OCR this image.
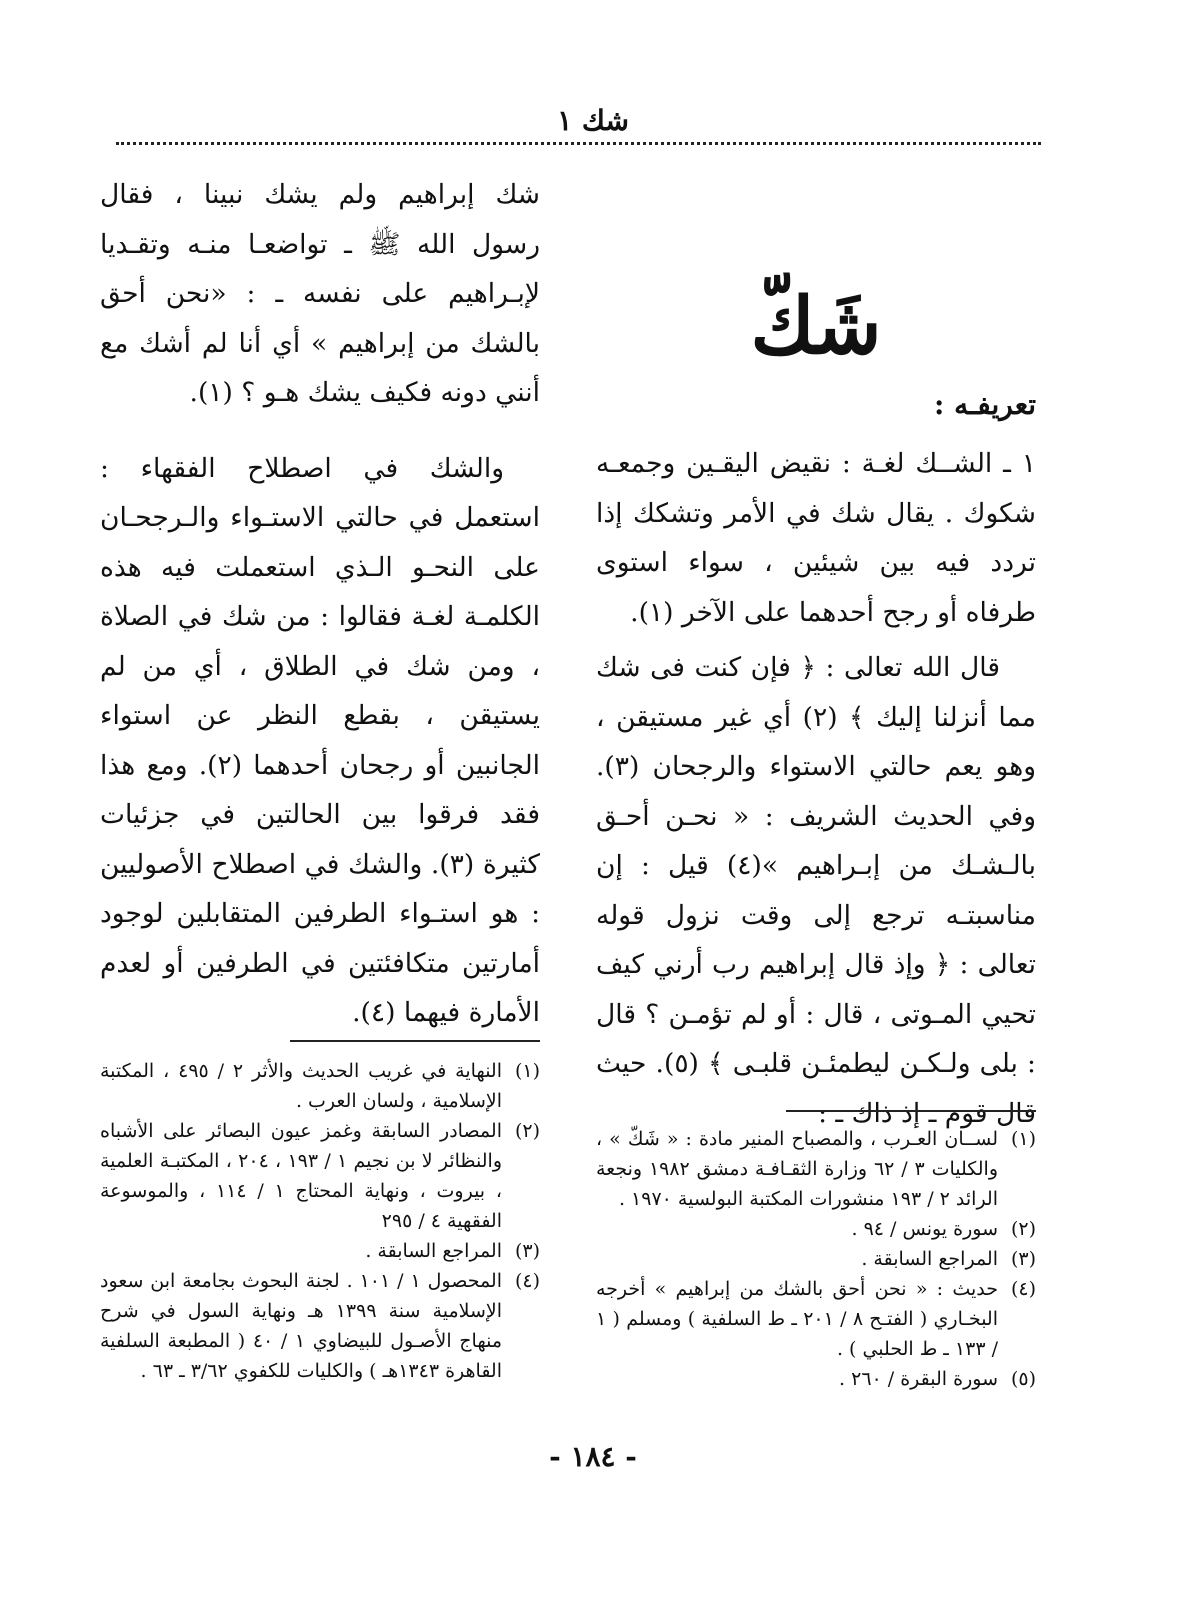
شك ١
شَكّ
تعريفـه :

١ ـ الشــك لغـة : نقيض اليقـين وجمعـه شكوك . يقال شك في الأمر وتشكك إذا تردد فيه بين شيئين ، سواء استوى طرفاه أو رجح أحدهما على الآخر (١).

قال الله تعالى : ﴿ فإن كنت فى شك مما أنزلنا إليك ﴾ (٢) أي غير مستيقن ، وهو يعم حالتي الاستواء والرجحان (٣). وفي الحديث الشريف : « نحـن أحـق بالـشـك من إبـراهيم »(٤) قيل : إن مناسبتـه ترجع إلى وقت نزول قوله تعالى : ﴿ وإذ قال إبراهيم رب أرني كيف تحيي المـوتى ، قال : أو لم تؤمـن ؟ قال : بلى ولـكـن ليطمئـن قلبـى ﴾ (٥). حيث قال قوم ـ إذ ذاك ـ :

شك إبراهيم ولم يشك نبينا ، فقال رسول الله ﷺ ـ تواضعـا منـه وتقـديا لإبـراهيم على نفسه ـ : «نحن أحق بالشك من إبراهيم » أي أنا لم أشك مع أنني دونه فكيف يشك هـو ؟ (١).

والشك في اصطلاح الفقهاء : استعمل في حالتي الاستـواء والـرجحـان على النحـو الـذي استعملت فيه هذه الكلمـة لغـة فقالوا : من شك في الصلاة ، ومن شك في الطلاق ، أي من لم يستيقن ، بقطع النظر عن استواء الجانبين أو رجحان أحدهما (٢). ومع هذا فقد فرقوا بين الحالتين في جزئيات كثيرة (٣). والشك في اصطلاح الأصوليين : هو استـواء الطرفين المتقابلين لوجود أمارتين متكافئتين في الطرفين أو لعدم الأمارة فيهما (٤).

(١)
لســان العـرب ، والمصباح المنير مادة : « شَكّ » ، والكليات ٣ / ٦٢ وزارة الثقـافـة دمشق ١٩٨٢ ونجعة الرائد ٢ / ١٩٣ منشورات المكتبة البولسية ١٩٧٠ .
(٢)
سورة يونس / ٩٤ .
(٣)
المراجع السابقة .
(٤)
حديث : « نحن أحق بالشك من إبراهيم » أخرجه البخـاري ( الفتـح ٨ / ٢٠١ ـ ط السلفية ) ومسلم ( ١ / ١٣٣ ـ ط الحلبي ) .
(٥)
سورة البقرة / ٢٦٠ .
(١)
النهاية في غريب الحديث والأثر ٢ / ٤٩٥ ، المكتبة الإسلامية ، ولسان العرب .
(٢)
المصادر السابقة وغمز عيون البصائر على الأشباه والنظائر لا بن نجيم ١ / ١٩٣ ، ٢٠٤ ، المكتبـة العلمية ، بيروت ، ونهاية المحتاج ١ / ١١٤ ، والموسوعة الفقهية ٤ / ٢٩٥
(٣)
المراجع السابقة .
(٤)
المحصول ١ / ١٠١ . لجنة البحوث بجامعة ابن سعود الإسلامية سنة ١٣٩٩ هـ ونهاية السول في شرح منهاج الأصـول للبيضاوي ١ / ٤٠ ( المطبعة السلفية القاهرة ١٣٤٣هـ ) والكليات للكفوي ٣/٦٢ ـ ٦٣ .
- ١٨٤ -
